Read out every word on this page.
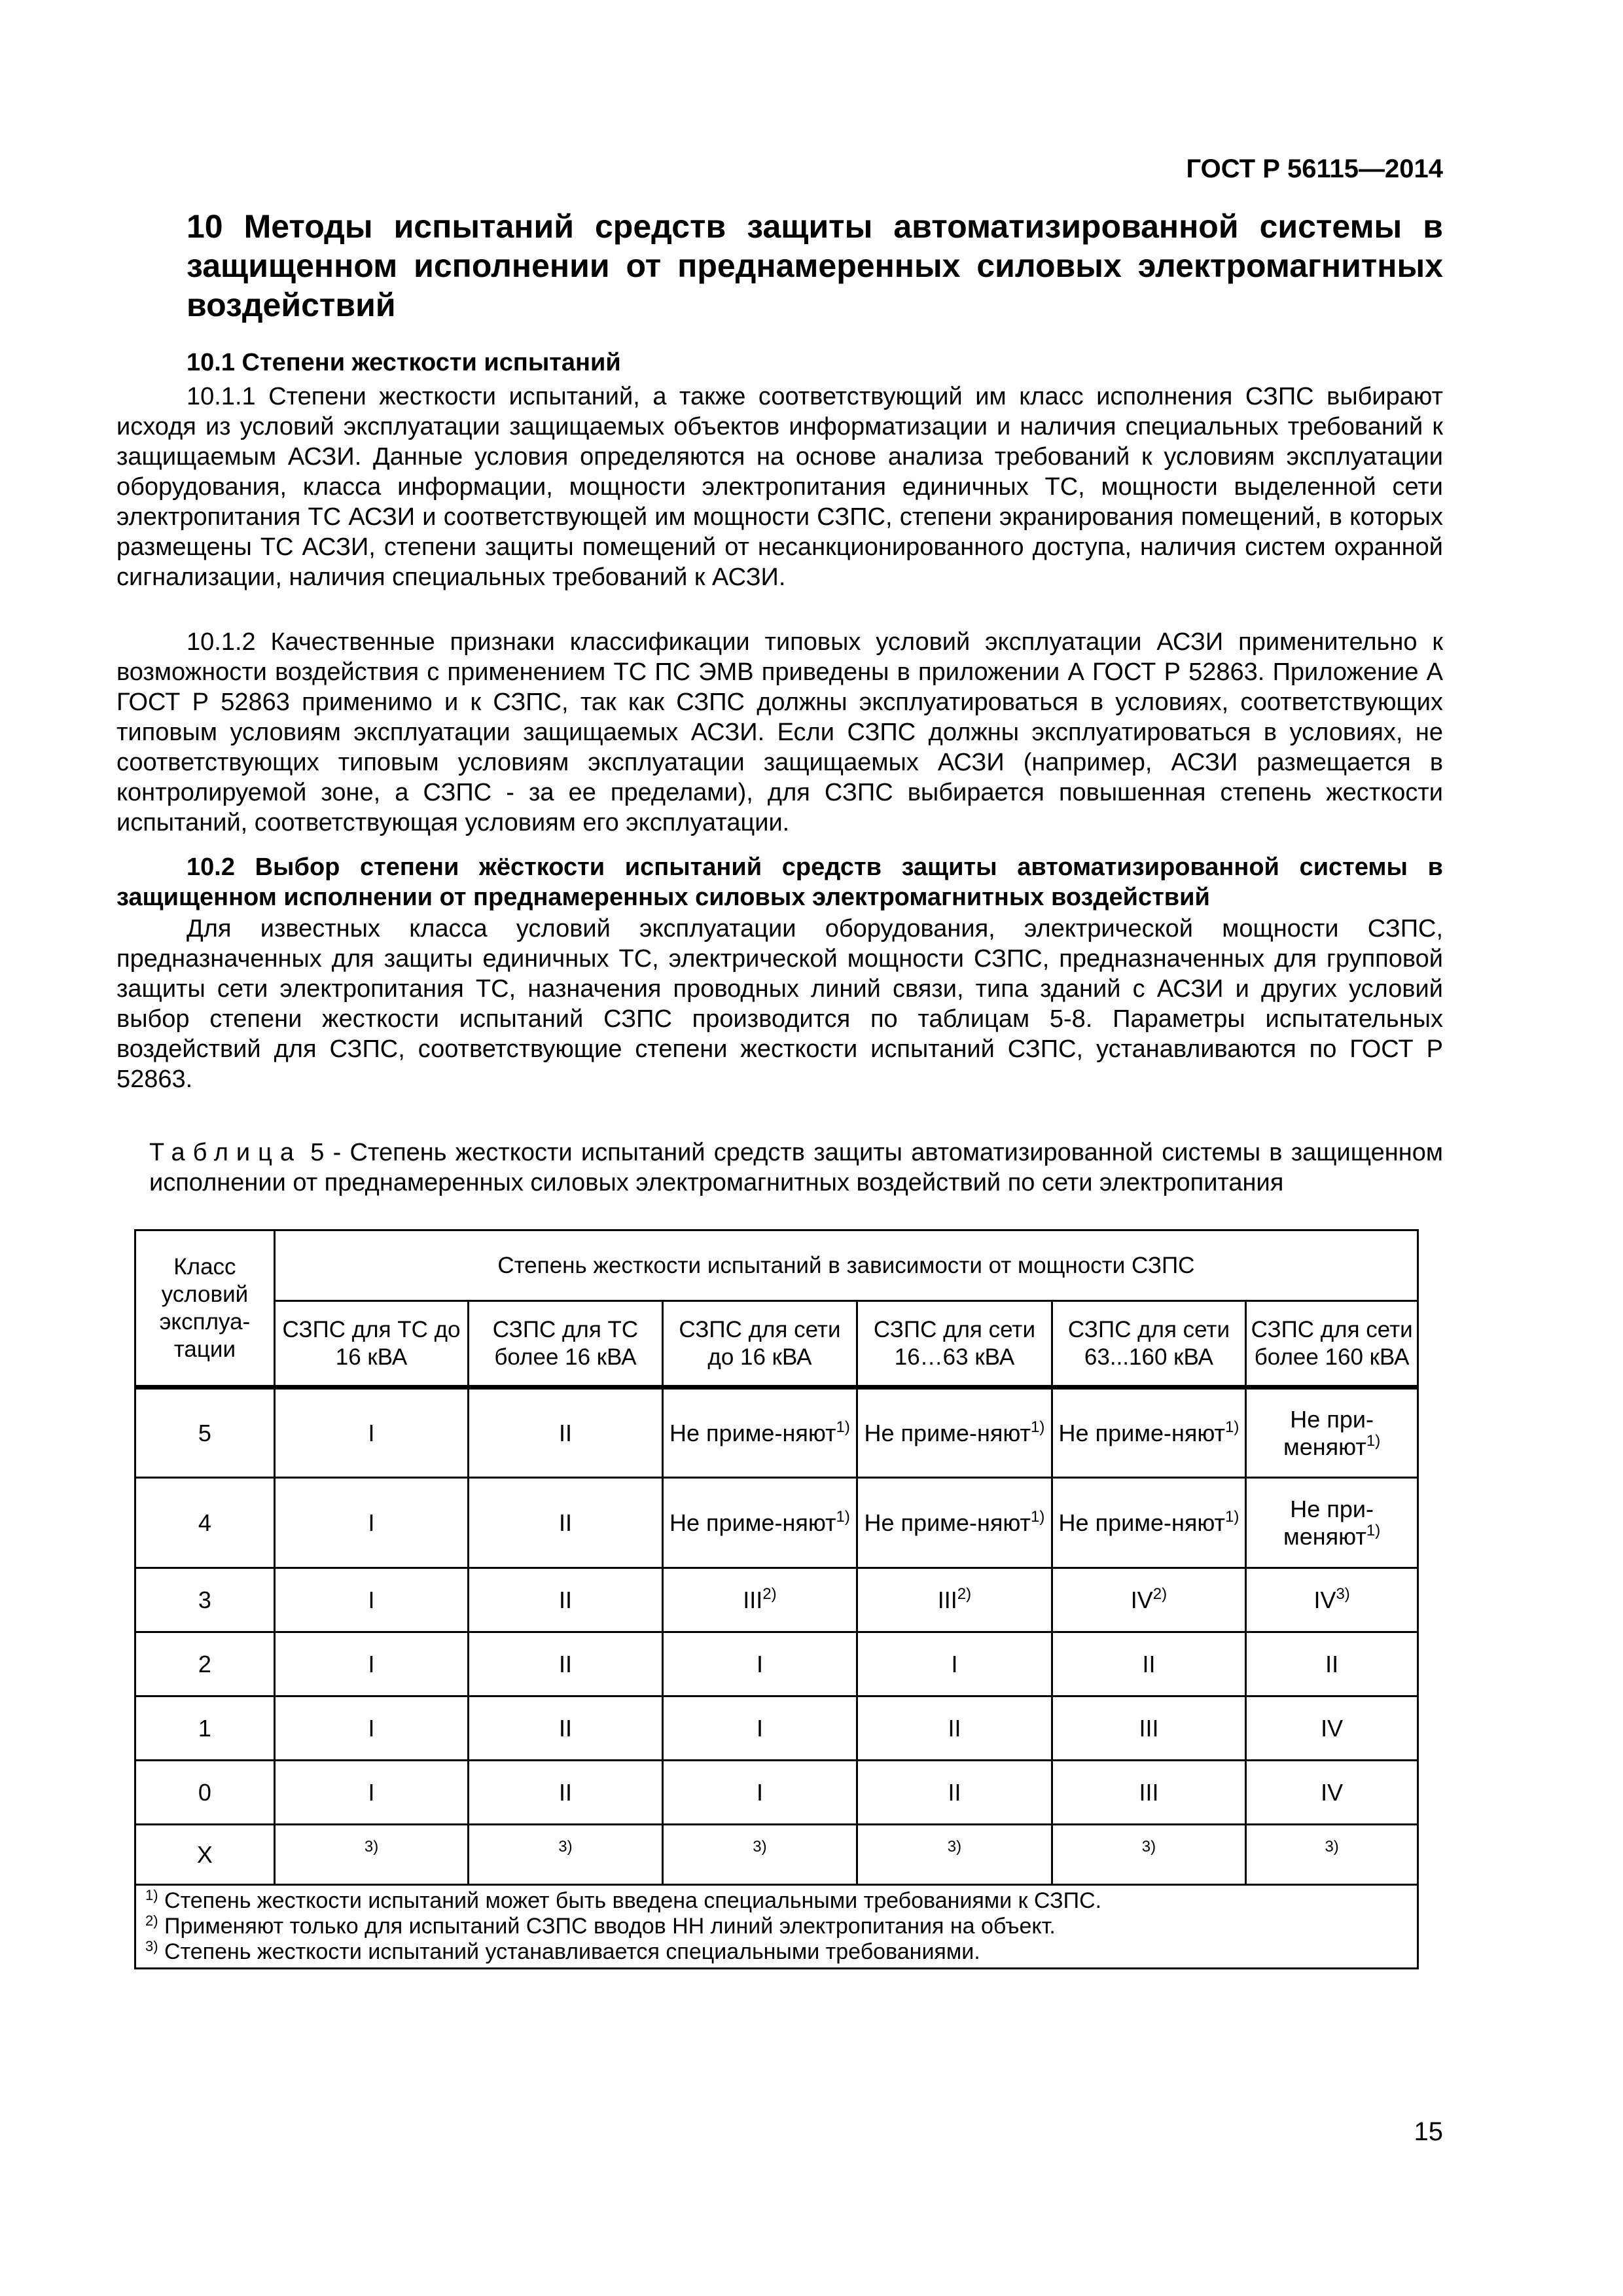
ГОСТ Р 56115—2014
10 Методы испытаний средств защиты автоматизированной системы в защищенном исполнении от преднамеренных силовых электромагнитных воздействий
10.1 Степени жесткости испытаний
10.1.1 Степени жесткости испытаний, а также соответствующий им класс исполнения СЗПС выбирают исходя из условий эксплуатации защищаемых объектов информатизации и наличия специальных требований к защищаемым АСЗИ. Данные условия определяются на основе анализа требований к условиям эксплуатации оборудования, класса информации, мощности электропитания единичных ТС, мощности выделенной сети электропитания ТС АСЗИ и соответствующей им мощности СЗПС, степени экранирования помещений, в которых размещены ТС АСЗИ, степени защиты помещений от несанкционированного доступа, наличия систем охранной сигнализации, наличия специальных требований к АСЗИ.
10.1.2 Качественные признаки классификации типовых условий эксплуатации АСЗИ применительно к возможности воздействия с применением ТС ПС ЭМВ приведены в приложении А ГОСТ Р 52863. Приложение А ГОСТ Р 52863 применимо и к СЗПС, так как СЗПС должны эксплуатироваться в условиях, соответствующих типовым условиям эксплуатации защищаемых АСЗИ. Если СЗПС должны эксплуатироваться в условиях, не соответствующих типовым условиям эксплуатации защищаемых АСЗИ (например, АСЗИ размещается в контролируемой зоне, а СЗПС - за ее пределами), для СЗПС выбирается повышенная степень жесткости испытаний, соответствующая условиям его эксплуатации.
10.2 Выбор степени жёсткости испытаний средств защиты автоматизированной системы в защищенном исполнении от преднамеренных силовых электромагнитных воздействий
Для известных класса условий эксплуатации оборудования, электрической мощности СЗПС, предназначенных для защиты единичных ТС, электрической мощности СЗПС, предназначенных для групповой защиты сети электропитания ТС, назначения проводных линий связи, типа зданий с АСЗИ и других условий выбор степени жесткости испытаний СЗПС производится по таблицам 5-8. Параметры испытательных воздействий для СЗПС, соответствующие степени жесткости испытаний СЗПС, устанавливаются по ГОСТ Р 52863.
Таблица 5 - Степень жесткости испытаний средств защиты автоматизированной системы в защищенном исполнении от преднамеренных силовых электромагнитных воздействий по сети электропитания
Класс условий эксплуа-тации	Степень жесткости испытаний в зависимости от мощности СЗПС					
	СЗПС для ТС до 16 кВА	СЗПС для ТС более 16 кВА	СЗПС для сети до 16 кВА	СЗПС для сети 16…63 кВА	СЗПС для сети 63...160 кВА	СЗПС для сети более 160 кВА
5	I	II	Не приме-няют$^{1)}$	Не приме-няют$^{1)}$	Не приме-няют$^{1)}$	Не при-меняют$^{1)}$
4	I	II	Не приме-няют$^{1)}$	Не приме-няют$^{1)}$	Не приме-няют$^{1)}$	Не при-меняют$^{1)}$
3	I	II	III$^{2)}$	III$^{2)}$	IV$^{2)}$	IV$^{3)}$
2	I	II	I	I	II	II
1	I	II	I	II	III	IV
0	I	II	I	II	III	IV
X	3)	3)	3)	3)	3)	3)

$^{1)}$ Степень жесткости испытаний может быть введена специальными требованиями к СЗПС.
$^{2)}$ Применяют только для испытаний СЗПС вводов НН линий электропитания на объект.
$^{3)}$ Степень жесткости испытаний устанавливается специальными требованиями.						
15
